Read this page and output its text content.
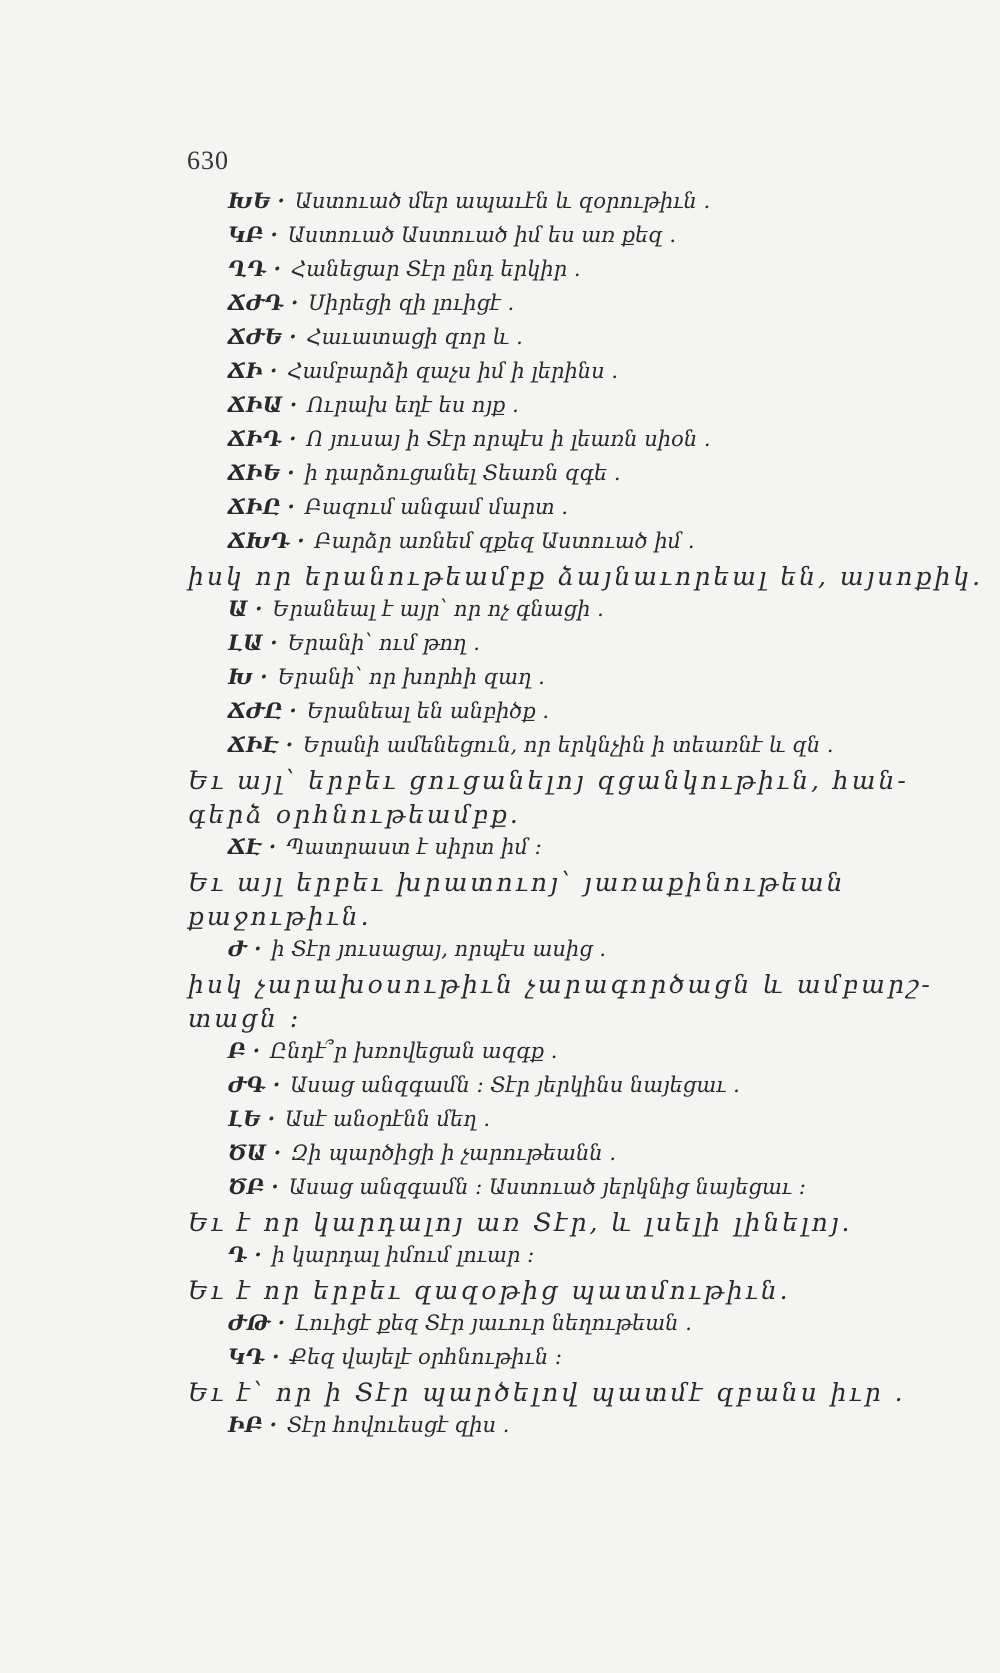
630
ԽԵ · Աստուած մեր ապաւէն և զօրութիւն .
ԿԲ · Աստուած Աստուած իմ ես առ քեզ .
ՂԴ · Հանեցար Տէր ընդ երկիր .
ՃԺԴ · Սիրեցի զի լուիցէ .
ՃԺԵ · Հաւատացի զոր և .
ՃԻ · Համբարձի զաչս իմ ի լերինս .
ՃԻԱ · Ուրախ եղէ ես ոյք .
ՃԻԴ · Ո յուսայ ի Տէր որպէս ի լեառն սիօն .
ՃԻԵ · ի դարձուցանել Տեառն զգե .
ՃԻԸ · Բազում անգամ մարտ .
ՃԽԴ · Բարձր առնեմ զքեզ Աստուած իմ .
իսկ որ երանութեամբք ձայնաւորեալ են, այսոքիկ.
Ա · Երանեալ է այր՝ որ ոչ գնացի .
ԼԱ · Երանի՝ ում թող .
Խ · Երանի՝ որ խորհի զաղ .
ՃԺԸ · Երանեալ են անբիծք .
ՃԻԷ · Երանի ամենեցուն, որ երկնչին ի տեառնէ և զն .
Եւ այլ՝ երբեւ ցուցանելոյ զցանկութիւն, հան-
գերձ օրհնութեամբք.
ՃԷ · Պատրաստ է սիրտ իմ ։
Եւ այլ երբեւ խրատուոյ՝ յառաքինութեան
քաջութիւն.
Ժ · ի Տէր յուսացայ, որպէս ասից .
իսկ չարախօսութիւն չարագործացն և ամբարշ-
տացն ։
Բ · Ընդէ՞ր խռովեցան ազգք .
ԺԳ · Ասաց անզգամն ։ Տէր յերկինս նայեցաւ .
ԼԵ · Ասէ անօրէնն մեղ .
ԾԱ · Զի պարծիցի ի չարութեանն .
ԾԲ · Ասաց անզգամն ։ Աստուած յերկնից նայեցաւ ։
Եւ է որ կարդալոյ առ Տէր, և լսելի լինելոյ.
Դ · ի կարդալ իմում լուար ։
Եւ է որ երբեւ զազօթից պատմութիւն.
ԺԹ · Լուիցէ քեզ Տէր յաւուր նեղութեան .
ԿԴ · Քեզ վայելէ օրհնութիւն ։
Եւ է՝ որ ի Տէր պարծելով պատմէ զբանս իւր .
ԻԲ · Տէր հովուեսցէ զիս .
